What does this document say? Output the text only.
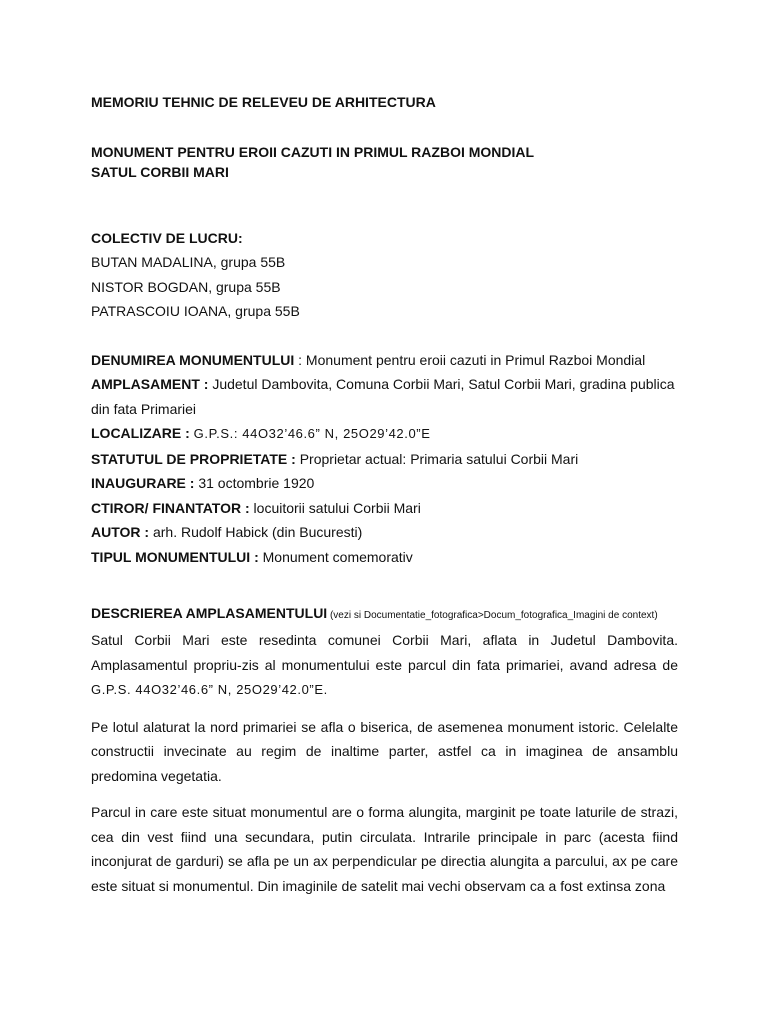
MEMORIU TEHNIC DE RELEVEU DE ARHITECTURA

MONUMENT PENTRU EROII CAZUTI IN PRIMUL RAZBOI MONDIAL

SATUL CORBII MARI

COLECTIV DE LUCRU:

BUTAN MADALINA, grupa 55B
NISTOR BOGDAN, grupa 55B
PATRASCOIU IOANA, grupa 55B
DENUMIREA MONUMENTULUI : Monument pentru eroii cazuti in Primul Razboi Mondial
AMPLASAMENT : Judetul Dambovita, Comuna Corbii Mari, Satul Corbii Mari, gradina publica din fata Primariei
LOCALIZARE : G.P.S.: 44O32’46.6” N, 25O29’42.0”E
STATUTUL DE PROPRIETATE : Proprietar actual: Primaria satului Corbii Mari
INAUGURARE : 31 octombrie 1920
CTIROR/ FINANTATOR : locuitorii satului Corbii Mari
AUTOR : arh. Rudolf Habick (din Bucuresti)
TIPUL MONUMENTULUI : Monument comemorativ
DESCRIEREA AMPLASAMENTULUI (vezi si Documentatie_fotografica>Docum_fotografica_Imagini de context)

Satul Corbii Mari este resedinta comunei Corbii Mari, aflata in Judetul Dambovita. Amplasamentul propriu-zis al monumentului este parcul din fata primariei, avand adresa de G.P.S. 44O32’46.6” N, 25O29’42.0”E.

Pe lotul alaturat la nord primariei se afla o biserica, de asemenea monument istoric. Celelalte constructii invecinate au regim de inaltime parter, astfel ca in imaginea de ansamblu predomina vegetatia.

Parcul in care este situat monumentul are o forma alungita, marginit pe toate laturile de strazi, cea din vest fiind una secundara, putin circulata. Intrarile principale in parc (acesta fiind inconjurat de garduri) se afla pe un ax perpendicular pe directia alungita a parcului, ax pe care este situat si monumentul. Din imaginile de satelit mai vechi observam ca a fost extinsa zona
